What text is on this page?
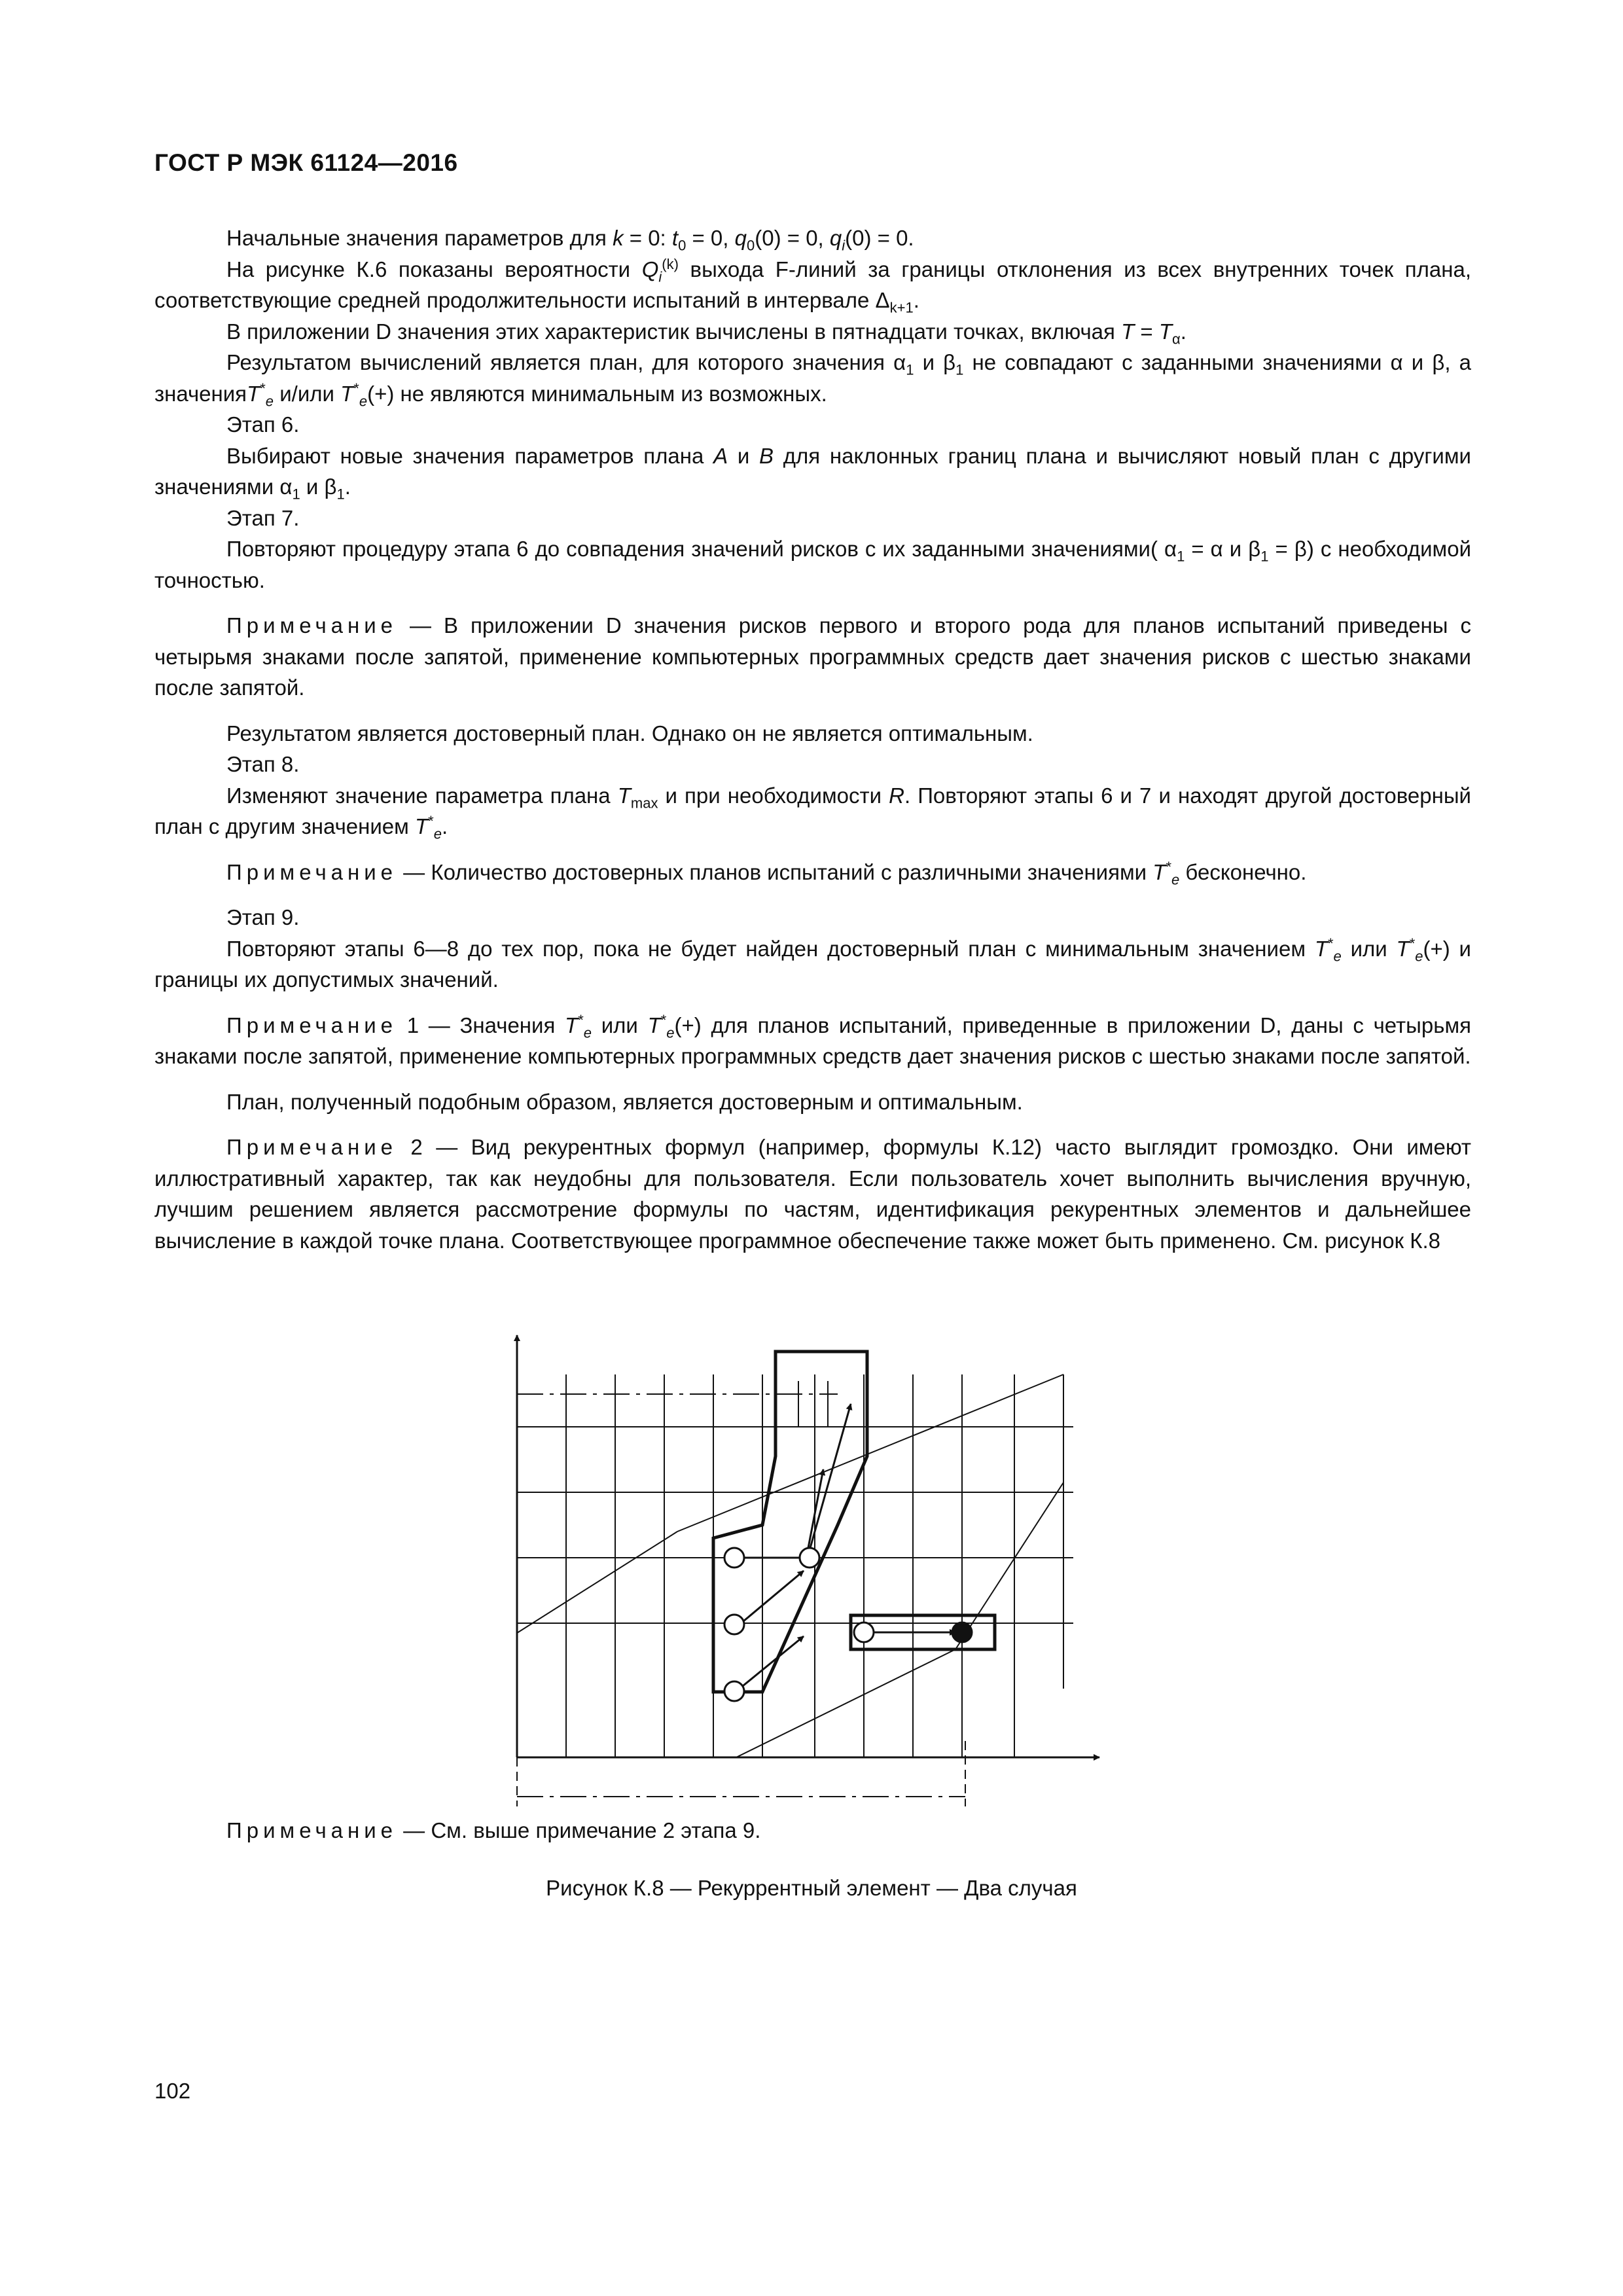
ГОСТ Р МЭК 61124—2016

Начальные значения параметров для k = 0: $t_0 = 0$, $q_0(0) = 0$, $q_i(0) = 0$.

На рисунке К.6 показаны вероятности $Q_i^{(k)}$ выхода F-линий за границы отклонения из всех внутренних точек плана, соответствующие средней продолжительности испытаний в интервале $\Delta_{k+1}$.

В приложении D значения этих характеристик вычислены в пятнадцати точках, включая $T = T_\alpha$.

Результатом вычислений является план, для которого значения $\alpha_1$ и $\beta_1$ не совпадают с заданными значениями α и β, а значенияT*$_e$ и/или $T^*_e(+)$ не являются минимальным из возможных.

Этап 6.

Выбирают новые значения параметров плана A и B для наклонных границ плана и вычисляют новый план с другими значениями $\alpha_1$ и $\beta_1$.

Этап 7.

Повторяют процедуру этапа 6 до совпадения значений рисков с их заданными значениями( $\alpha_1 = \alpha$ и $\beta_1 = \beta$) с необходимой точностью.

Примечание — В приложении D значения рисков первого и второго рода для планов испытаний приведены с четырьмя знаками после запятой, применение компьютерных программных средств дает значения рисков с шестью знаками после запятой.

Результатом является достоверный план. Однако он не является оптимальным.

Этап 8.

Изменяют значение параметра плана $T_{max}$ и при необходимости R. Повторяют этапы 6 и 7 и находят другой достоверный план с другим значением $T^*_e$.

Примечание — Количество достоверных планов испытаний с различными значениями $T^*_e$ бесконечно.

Этап 9.

Повторяют этапы 6—8 до тех пор, пока не будет найден достоверный план с минимальным значением $T^*_e$ или $T^*_e(+)$ и границы их допустимых значений.

Примечание 1 — Значения $T^*_e$ или $T^*_e(+)$ для планов испытаний, приведенные в приложении D, даны с четырьмя знаками после запятой, применение компьютерных программных средств дает значения рисков с шестью знаками после запятой.

План, полученный подобным образом, является достоверным и оптимальным.

Примечание 2 — Вид рекурентных формул (например, формулы К.12) часто выглядит громоздко. Они имеют иллюстративный характер, так как неудобны для пользователя. Если пользователь хочет выполнить вычисления вручную, лучшим решением является рассмотрение формулы по частям, идентификация рекурентных элементов и дальнейшее вычисление в каждой точке плана. Соответствующее программное обеспечение также может быть применено. См. рисунок К.8

Примечание — См. выше примечание 2 этапа 9.
Рисунок К.8 — Рекуррентный элемент — Два случая
102
